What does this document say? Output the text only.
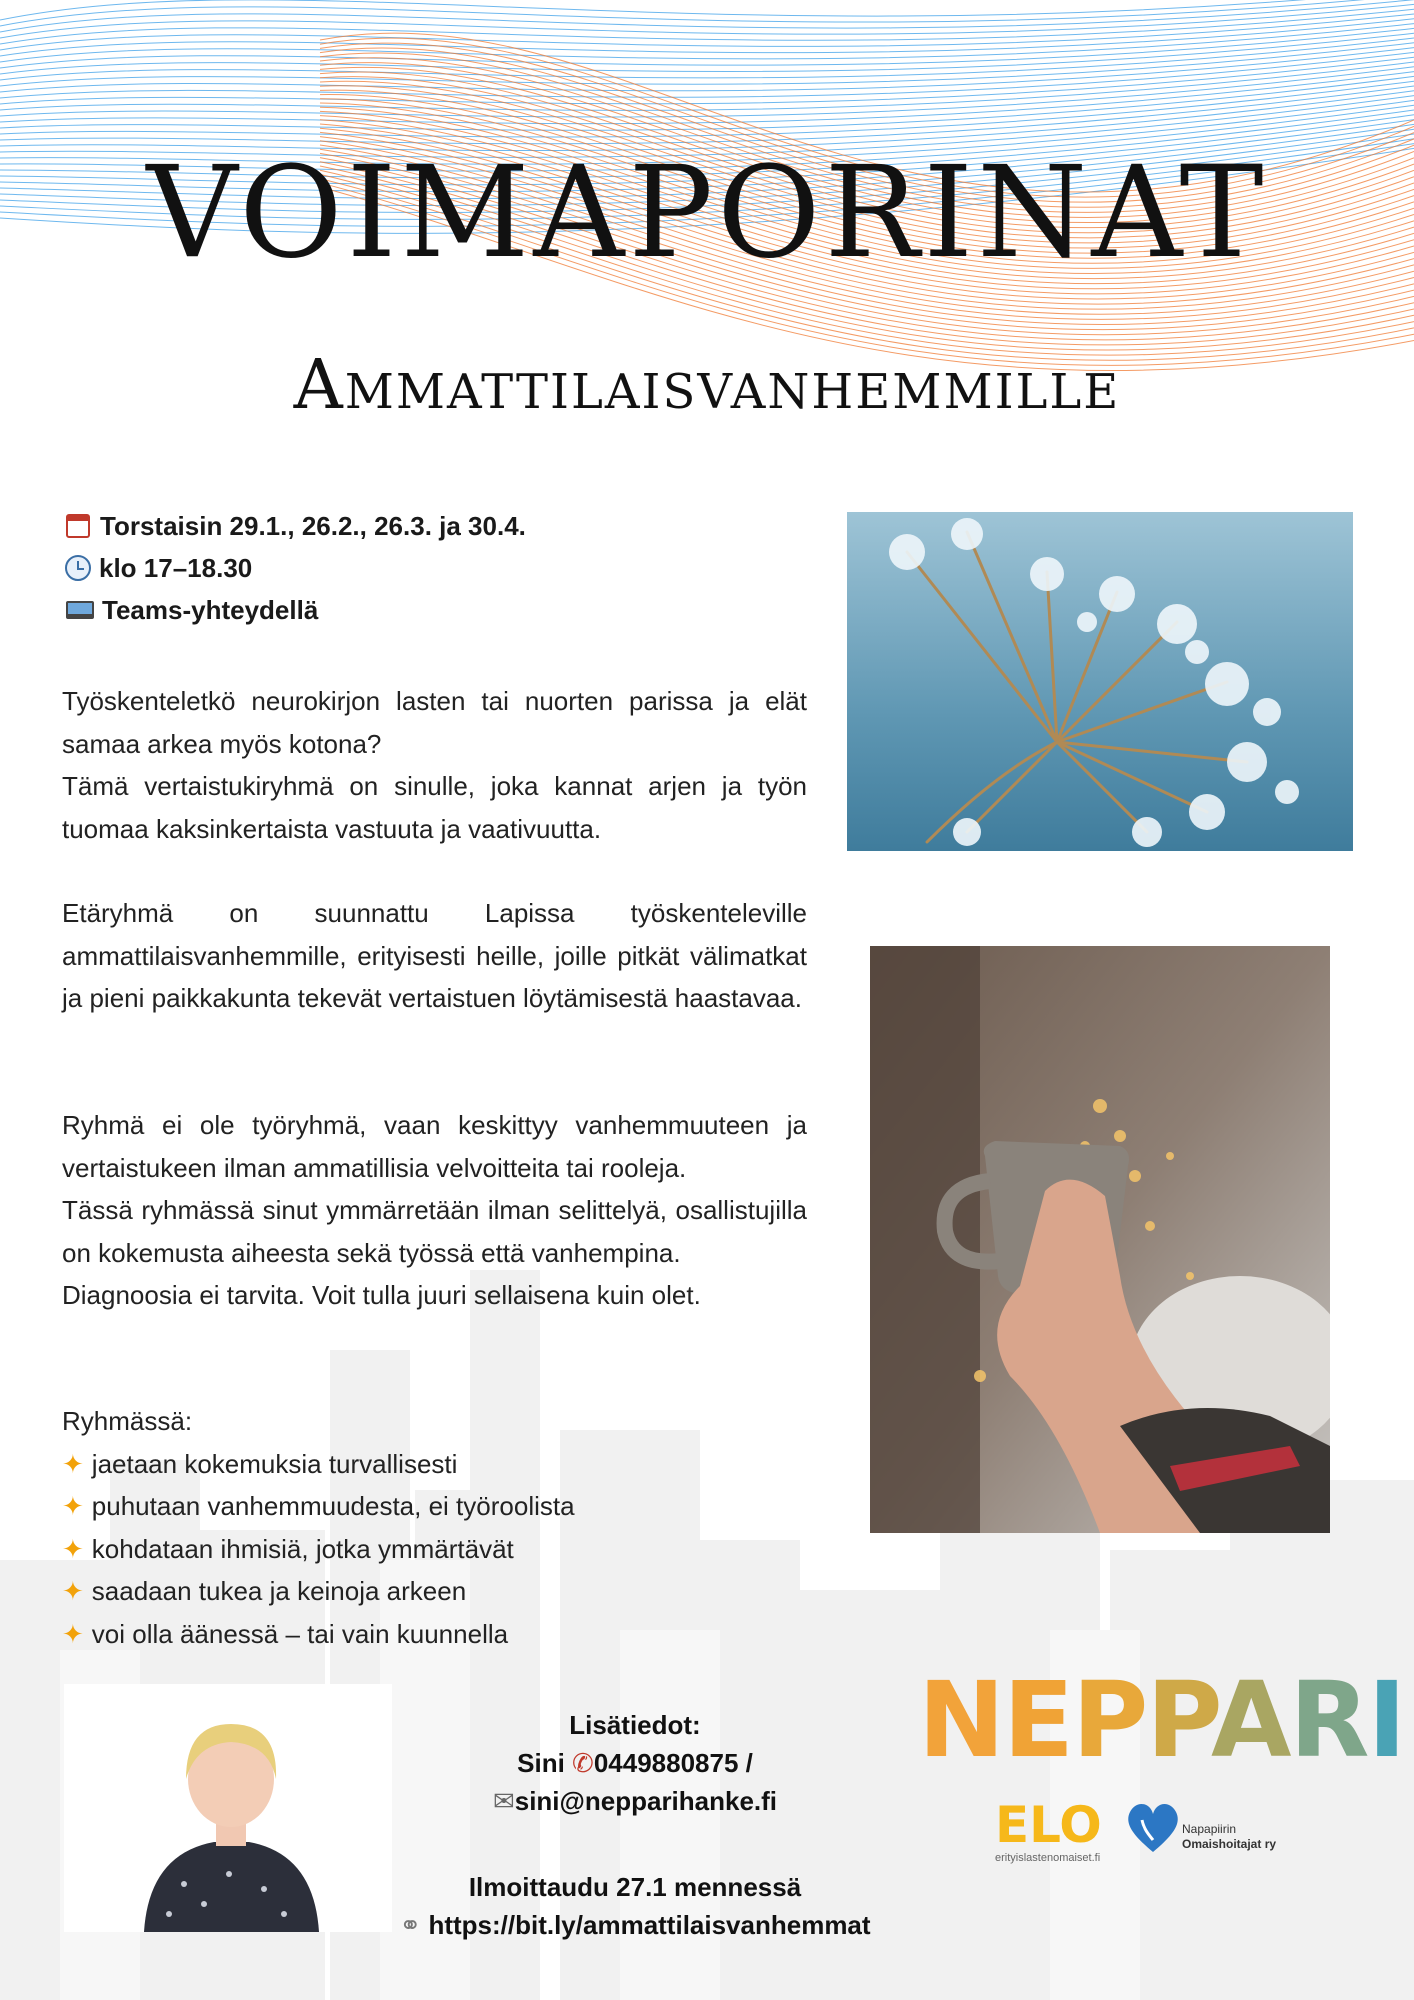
VOIMAPORINAT
Ammattilaisvanhemmille
Torstaisin 29.1., 26.2., 26.3. ja 30.4.
klo 17–18.30
Teams-yhteydellä
Työskenteletkö neurokirjon lasten tai nuorten parissa ja elät samaa arkea myös kotona?
Tämä vertaistukiryhmä on sinulle, joka kannat arjen ja työn tuomaa kaksinkertaista vastuuta ja vaativuutta.
Etäryhmä on suunnattu Lapissa työskenteleville ammattilaisvanhemmille, erityisesti heille, joille pitkät välimatkat ja pieni paikkakunta tekevät vertaistuen löytämisestä haastavaa.
Ryhmä ei ole työryhmä, vaan keskittyy vanhemmuuteen ja vertaistukeen ilman ammatillisia velvoitteita tai rooleja.
Tässä ryhmässä sinut ymmärretään ilman selittelyä, osallistujilla on kokemusta aiheesta sekä työssä että vanhempina.
Diagnoosia ei tarvita. Voit tulla juuri sellaisena kuin olet.
Ryhmässä:
✦ jaetaan kokemuksia turvallisesti
✦ puhutaan vanhemmuudesta, ei työroolista
✦ kohdataan ihmisiä, jotka ymmärtävät
✦ saadaan tukea ja keinoja arkeen
✦ voi olla äänessä – tai vain kuunnella
Lisätiedot:
Sini ✆0449880875 /
✉sini@nepparihanke.fi
Ilmoittaudu 27.1 mennessä
⚭ https://bit.ly/ammattilaisvanhemmat
NEPPARI
ELO
erityislastenomaiset.fi
Napapiirin
Omaishoitajat ry
